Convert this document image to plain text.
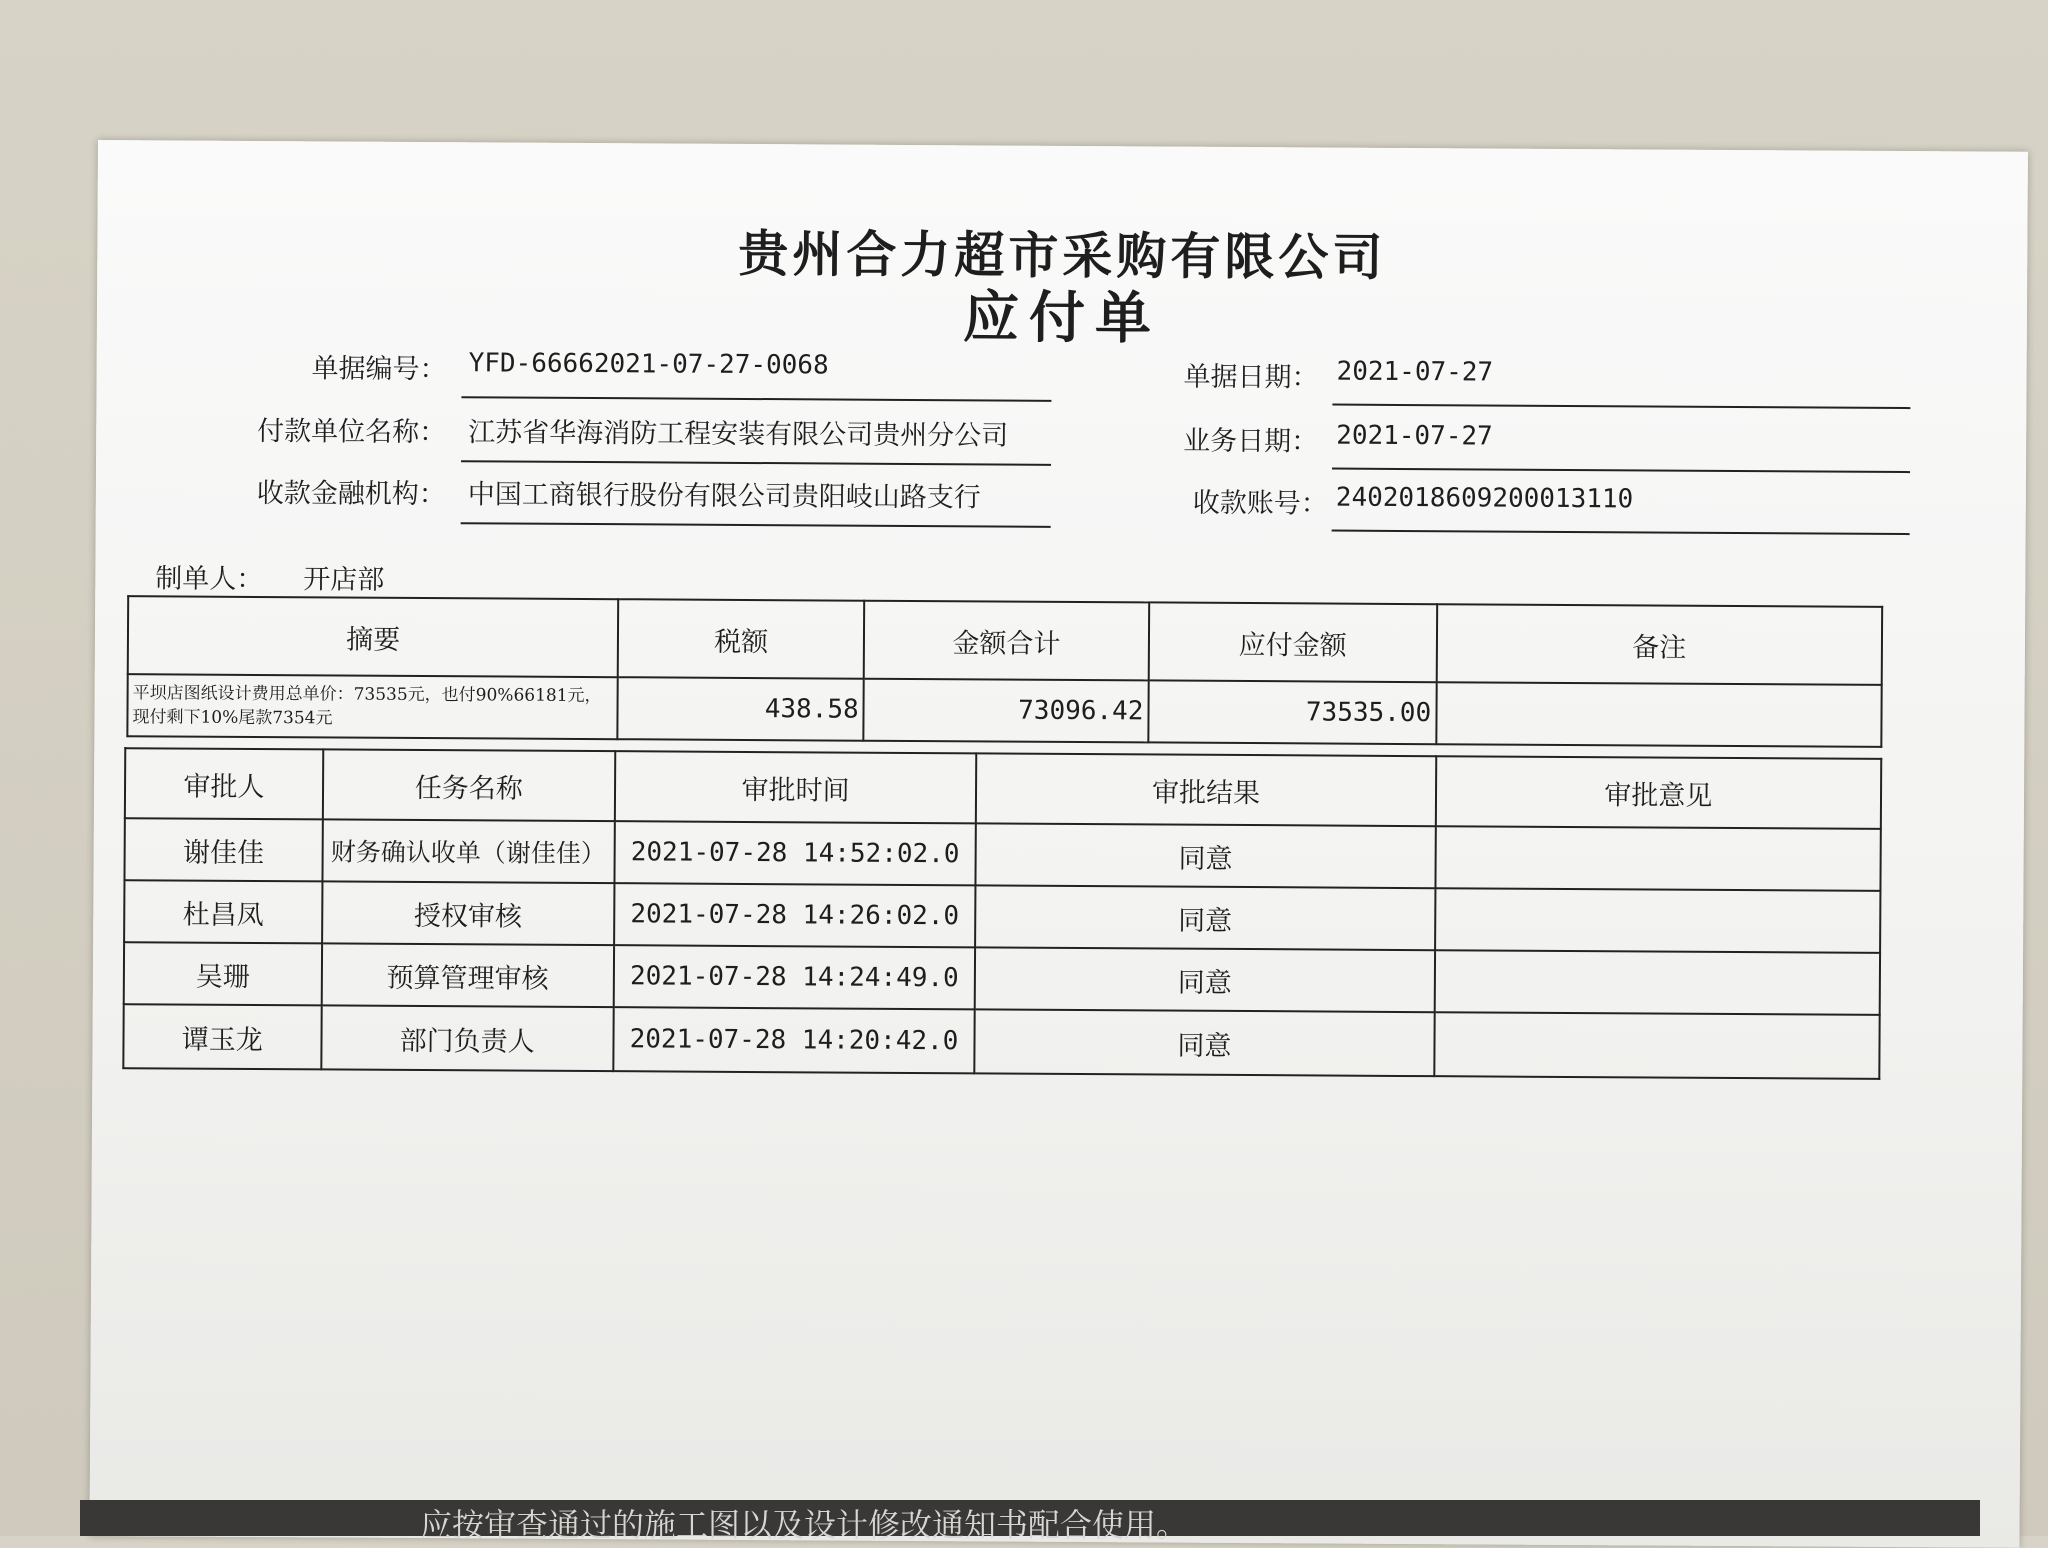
贵州合力超市采购有限公司
应付单
单据编号： YFD-66662021-07-27-0068	单据日期： 2021-07-27
付款单位名称： 江苏省华海消防工程安装有限公司贵州分公司	业务日期： 2021-07-27
收款金融机构： 中国工商银行股份有限公司贵阳岐山路支行	收款账号： 2402018609200013110
制单人： 开店部
摘要	税额	金额合计	应付金额	备注
平坝店图纸设计费用总单价：73535元，也付90%66181元，现付剩下10%尾款7354元	438.58	73096.42	73535.00	
审批人	任务名称	审批时间	审批结果	审批意见
谢佳佳	财务确认收单（谢佳佳）	2021-07-28 14:52:02.0	同意	
杜昌凤	授权审核	2021-07-28 14:26:02.0	同意	
吴珊	预算管理审核	2021-07-28 14:24:49.0	同意	
谭玉龙	部门负责人	2021-07-28 14:20:42.0	同意	
应按审查通过的施工图以及设计修改通知书配合使用。
